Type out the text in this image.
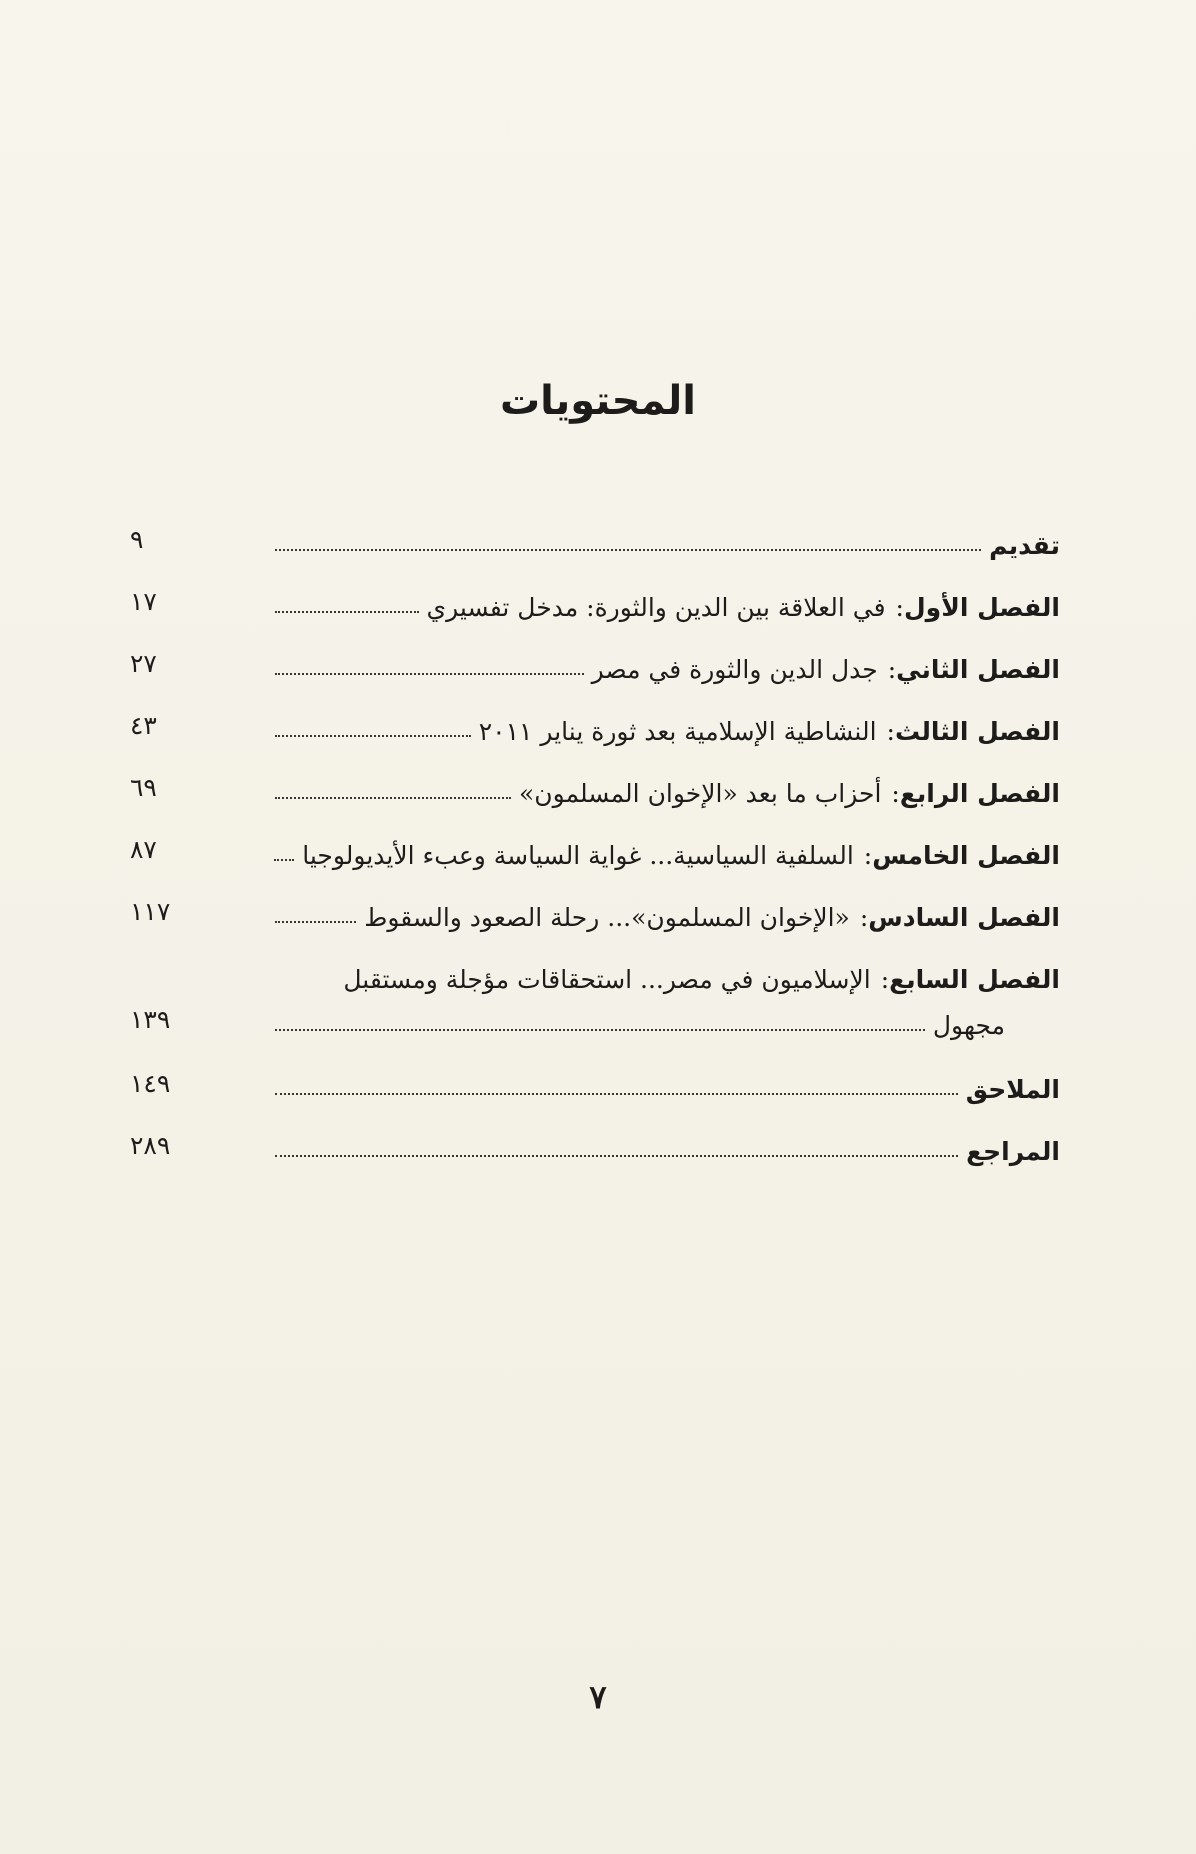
المحتويات
تقديم
٩
الفصل الأول
:
في العلاقة بين الدين والثورة: مدخل تفسيري
١٧
الفصل الثاني
:
جدل الدين والثورة في مصر
٢٧
الفصل الثالث
:
النشاطية الإسلامية بعد ثورة يناير ٢٠١١
٤٣
الفصل الرابع
:
أحزاب ما بعد «الإخوان المسلمون»
٦٩
الفصل الخامس
:
السلفية السياسية... غواية السياسة وعبء الأيديولوجيا
٨٧
الفصل السادس
:
«الإخوان المسلمون»... رحلة الصعود والسقوط
١١٧
الفصل السابع
:
الإسلاميون في مصر... استحقاقات مؤجلة ومستقبل
مجهول
١٣٩
الملاحق
١٤٩
المراجع
٢٨٩
٧
